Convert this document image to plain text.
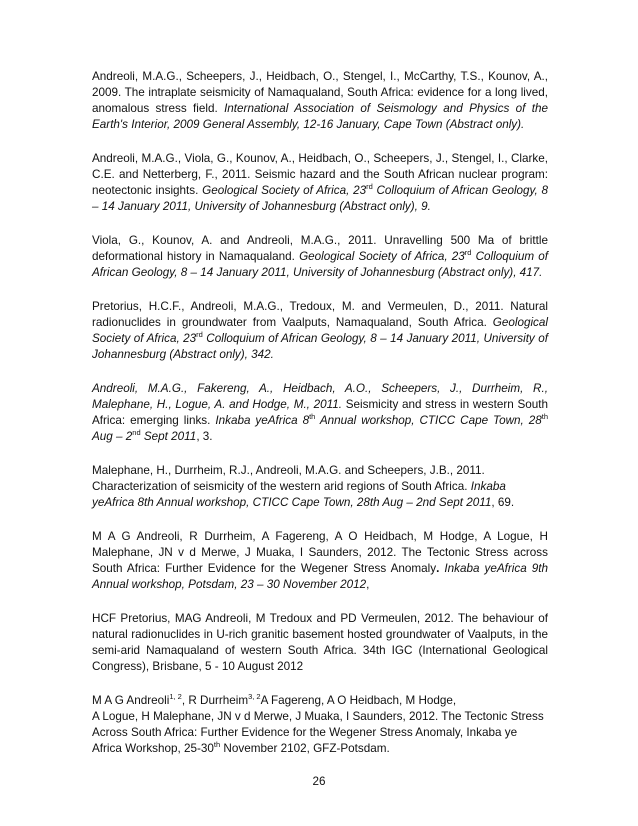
Andreoli, M.A.G., Scheepers, J., Heidbach, O., Stengel, I., McCarthy, T.S., Kounov, A., 2009. The intraplate seismicity of Namaqualand, South Africa: evidence for a long lived, anomalous stress field. International Association of Seismology and Physics of the Earth's Interior, 2009 General Assembly, 12-16 January, Cape Town (Abstract only).

Andreoli, M.A.G., Viola, G., Kounov, A., Heidbach, O., Scheepers, J., Stengel, I., Clarke, C.E. and Netterberg, F., 2011. Seismic hazard and the South African nuclear program: neotectonic insights. Geological Society of Africa, 23rd Colloquium of African Geology, 8 – 14 January 2011, University of Johannesburg (Abstract only), 9.

Viola, G., Kounov, A. and Andreoli, M.A.G., 2011. Unravelling 500 Ma of brittle deformational history in Namaqualand. Geological Society of Africa, 23rd Colloquium of African Geology, 8 – 14 January 2011, University of Johannesburg (Abstract only), 417.

Pretorius, H.C.F., Andreoli, M.A.G., Tredoux, M. and Vermeulen, D., 2011. Natural radionuclides in groundwater from Vaalputs, Namaqualand, South Africa. Geological Society of Africa, 23rd Colloquium of African Geology, 8 – 14 January 2011, University of Johannesburg (Abstract only), 342.

Andreoli, M.A.G., Fakereng, A., Heidbach, A.O., Scheepers, J., Durrheim, R., Malephane, H., Logue, A. and Hodge, M., 2011. Seismicity and stress in western South Africa: emerging links. Inkaba yeAfrica 8th Annual workshop, CTICC Cape Town, 28th Aug – 2nd Sept 2011, 3.

Malephane, H., Durrheim, R.J., Andreoli, M.A.G. and Scheepers, J.B., 2011. Characterization of seismicity of the western arid regions of South Africa. Inkaba yeAfrica 8th Annual workshop, CTICC Cape Town, 28th Aug – 2nd Sept 2011, 69.

M A G Andreoli, R Durrheim, A Fagereng, A O Heidbach, M Hodge, A Logue, H Malephane, JN v d Merwe, J Muaka, I Saunders, 2012. The Tectonic Stress across South Africa: Further Evidence for the Wegener Stress Anomaly. Inkaba yeAfrica 9th Annual workshop, Potsdam, 23 – 30 November 2012,

HCF Pretorius, MAG Andreoli, M Tredoux and PD Vermeulen, 2012. The behaviour of natural radionuclides in U-rich granitic basement hosted groundwater of Vaalputs, in the semi-arid Namaqualand of western South Africa. 34th IGC (International Geological Congress), Brisbane, 5 - 10 August 2012

M A G Andreoli$^{1, 2}$, R Durrheim$^{3, 2}$A Fagereng, A O Heidbach, M Hodge,
A Logue, H Malephane, JN v d Merwe, J Muaka, I Saunders, 2012. The Tectonic Stress Across South Africa: Further Evidence for the Wegener Stress Anomaly, Inkaba ye Africa Workshop, 25-30th November 2102, GFZ-Potsdam.

26
